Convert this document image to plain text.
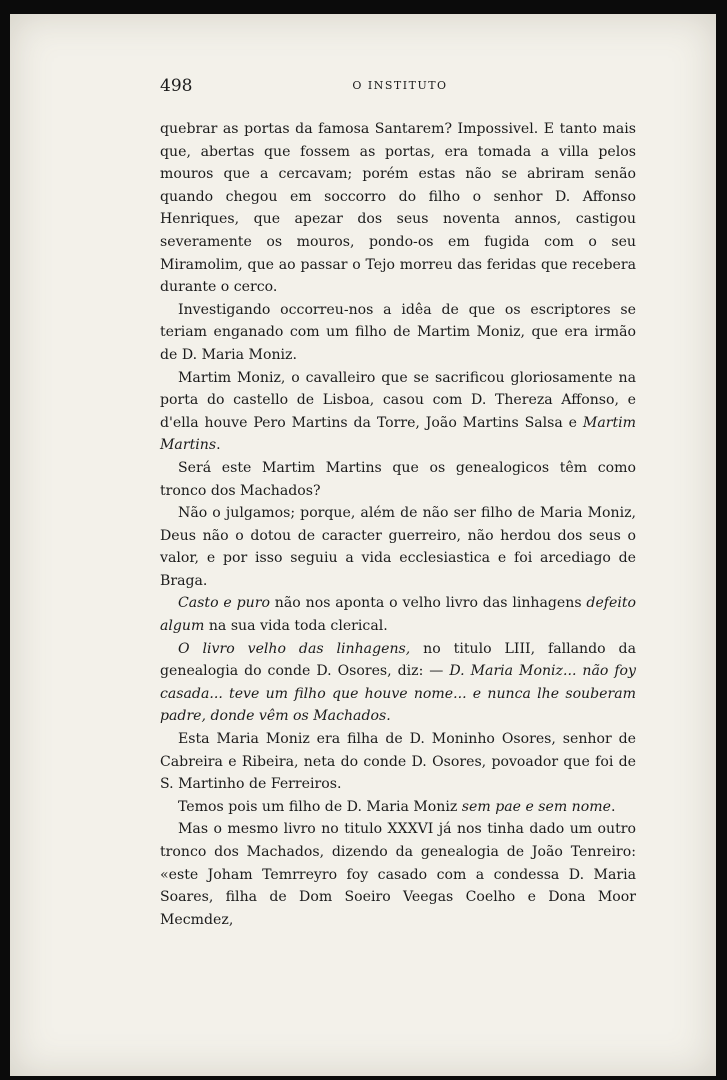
498	O INSTITUTO

quebrar as portas da famosa Santarem? Impossivel. E tanto mais que, abertas que fossem as portas, era tomada a villa pelos mouros que a cercavam; porém estas não se abriram senão quando chegou em soccorro do filho o senhor D. Affonso Henriques, que apezar dos seus noventa annos, castigou severamente os mouros, pondo-os em fugida com o seu Miramolim, que ao passar o Tejo morreu das feridas que recebera durante o cerco.

Investigando occorreu-nos a idêa de que os escriptores se teriam enganado com um filho de Martim Moniz, que era irmão de D. Maria Moniz.

Martim Moniz, o cavalleiro que se sacrificou gloriosamente na porta do castello de Lisboa, casou com D. Thereza Affonso, e d'ella houve Pero Martins da Torre, João Martins Salsa e Martim Martins.

Será este Martim Martins que os genealogicos têm como tronco dos Machados?

Não o julgamos; porque, além de não ser filho de Maria Moniz, Deus não o dotou de caracter guerreiro, não herdou dos seus o valor, e por isso seguiu a vida ecclesiastica e foi arcediago de Braga.

Casto e puro não nos aponta o velho livro das linhagens defeito algum na sua vida toda clerical.

O livro velho das linhagens, no titulo LIII, fallando da genealogia do conde D. Osores, diz: — D. Maria Moniz... não foy casada... teve um filho que houve nome... e nunca lhe souberam padre, donde vêm os Machados.

Esta Maria Moniz era filha de D. Moninho Osores, senhor de Cabreira e Ribeira, neta do conde D. Osores, povoador que foi de S. Martinho de Ferreiros.

Temos pois um filho de D. Maria Moniz sem pae e sem nome.

Mas o mesmo livro no titulo XXXVI já nos tinha dado um outro tronco dos Machados, dizendo da genealogia de João Tenreiro: «este Joham Temrreyro foy casado com a condessa D. Maria Soares, filha de Dom Soeiro Veegas Coelho e Dona Moor Mecmdez,
